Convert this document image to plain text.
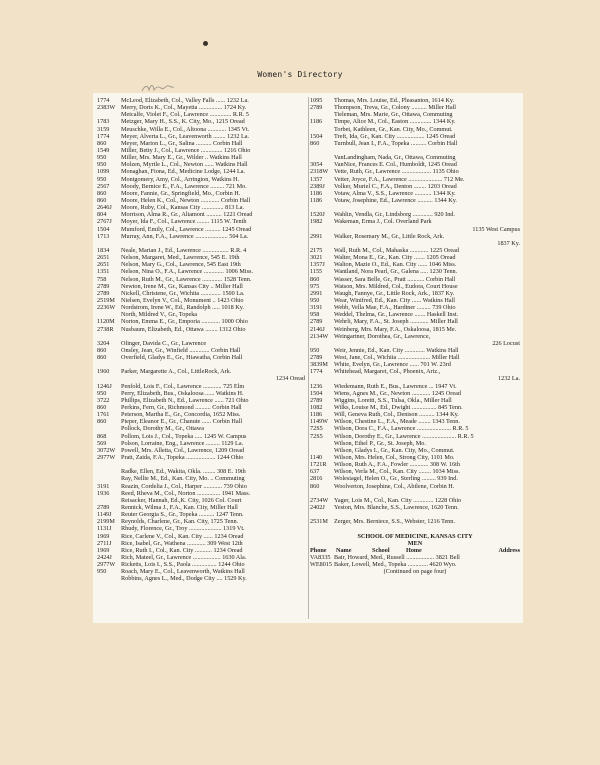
Women's Directory
1774	McLeod, Elizabeth, Col., Valley Falls ...... 1232 La.
2383W Merry, Doris K., Col., Mayetta ............... 1724 Ky.
Metcalfe, Violet F., Col., Lawrence .............. R.R. 5
1783	Metzger, Mary H., S.S., K. City, Mo., 1215 Oread
3159	Meuschke, Willa E., Col., Altoona ............ 1345 Vt.
1774	Meyer, Alverta L., Gr., Leavenworth ........ 1232 La.
860	Meyer, Marion L., Gr., Salina .......... Corbin Hall
1549	Miller, Betty J., Col., Lawrence .............. 1216 Ohio
950	Miller, Mrs. Mary E., Gr., Wilder .. Watkins Hall
950	Molzen, Myrtle L., Col., Newton ...... Watkins Hall
1099	Monaghan, Fiona, Ed., Medicine Lodge, 1244 La.
950	Montgomery, Amy, Col., Arrington, Watkins H.
2567	Moody, Bernice E., F.A., Lawrence ......... 721 Mo.
860	Moore, Fannie, Gr., Springfield, Mo., Corbin H.
860	Moore, Helen K., Col., Newton ............ Corbin Hall
2646J	Moore, Ruby, Col., Kansas City .............. 813 La.
804	Morrison, Alma R., Gr., Altamont .......... 1221 Oread
2767J	Moyer, Ida F., Col., Lawrence ........ 1115 W. Tenth
1504	Mumford, Emily, Col., Lawrence .......... 1245 Oread
1713	Murray, Ann, F.A., Lawrence ..................... 504 La.
1834	Neale, Marian J., Ed., Lawrence ................. R.R. 4
2651	Nelson, Margaret, Med., Lawrence, 545 E. 19th
2651	Nelson, Mary G., Col., Lawrence, 545 East 19th
1351	Nelson, Nina O., F.A., Lawrence ............. 1006 Miss.
758	Nelson, Ruth M., Gr., Lawrence ............. 1528 Tenn.
2789	Newton, Irene M., Gr., Kansas City .. Miller Hall
2789	Nickell, Christene, Gr., Wichita ............. 1500 La.
2519M Nielsen, Evelyn V., Col., Monument .. 1423 Ohio
2236W Nordstrom, Irene W., Ed., Randolph ..... 1018 Ky.
North, Mildred V., Gr., Topeka
1120M	Norton, Emma E., Gr., Emporia ............ 1000 Ohio
2738R	Nusbaum, Elizabeth, Ed., Ottawa ........ 1312 Ohio
3204	Olinger, Davida C., Gr., Lawrence
860	Onsley, Jean, Gr., Winfield ............. Corbin Hall
860	Overfield, Gladys E., Gr., Hiawatha, Corbin Hall
1960	Parker, Margarette A., Col., LittleRock, Ark.
1234 Oread
1246J	Penfold, Lois F., Col., Lawrence ............ 725 Elm
950	Perry, Elizabeth, Bus., Oskaloosa ...... Watkins H.
3722	Phillips, Elizabeth N., Ed., Lawrence ...... 721 Ohio
860	Perkins, Fern, Gr., Richmond .......... Corbin Hall
1761	Peterson, Martha E., Gr., Concordia, 1652 Miss.
860	Pieper, Eleanor E., Gr., Chanute ...... Corbin Hall
Pollock, Dorothy M., Gr., Ottawa
868	Pollom, Lois J., Col., Topeka ..... 1245 W. Campus
569	Polson, Lorraine, Eng., Lawrence ......... 1129 La.
3072W Powell, Mrs. Alletta, Col., Lawrence, 1209 Oread
2977W Pratt, Zaida, F.A., Topeka ................... 1244 Ohio
Radke, Ellen, Ed., Wakita, Okla. ........ 308 E. 19th
Ray, Nellie M., Ed., Kan. City, Mo. .. Commuting
3191	Reazin, Cordelia J., Col., Harper ............ 739 Ohio
1936	Reed, Rheva M., Col., Norton ............... 1941 Mass.
Reisacker, Hannah, Ed.,K. City, 1026 Col. Court
2789	Rennick, Wilma J., F.A., Kan. City, Miller Hall
1149J	Reuter Georgia S., Gr., Topeka .......... 1247 Tenn.
2199M Reynolds, Charlene, Gr., Kan. City, 1725 Tenn.
1131J	Rhudy, Florence, Gr., Troy ..................... 1319 Vt.
1969	Rice, Carlene V., Col., Kan. City ...... 1234 Oread
2711J	Rice, Isabel, Gr., Wathena ............ 309 West 12th
1969	Rice, Ruth I., Col., Kan. City ........... 1234 Oread
2424J	Rich, Mateel, Gr., Lawrence .................. 1630 Ala.
2977W Ricketts, Lois I., S.S., Paola ................ 1244 Ohio
950	Roach, Mary E., Col., Leavenworth, Watkins Hall
Robbins, Agnes L., Med., Dodge City .... 1529 Ky.
1095	Thomas, Mrs. Louise, Ed., Pleasanton, 1614 Ky.
2789	Thompson, Treva, Gr., Colony .......... Miller Hall
Tieleman, Mrs. Marie, Gr., Ottawa, Commuting
1186	Timpe, Alice M., Col., Easton .............. 1344 Ky.
Torbet, Kathleen, Gr., Kan. City, Mo., Commut.
1504	Treft, Ida, Gr., Kan. City .................. 1245 Oread
860	Turnbull, Jean I., F.A., Topeka .......... Corbin Hall
VanLandingham, Nada, Gr., Ottawa, Commuting
3054	VanNice, Frances E. Col., Humboldt, 1245 Oread
2318W Vette, Ruth, Gr., Lawrence ................... 1135 Ohio
1357	Vetter, Joyce, F.A., Lawrence ...................... 712 Me.
2389J	Volker, Muriel C., F.A., Denton ........ 1203 Oread
1186	Votaw, Alma V., S.S., Lawrence ........... 1344 Ky.
1186	Votaw, Josephine, Ed., Lawrence .......... 1344 Ky.
1520J	Wahlin, Vendla, Gr., Lindsborg ............. 920 Ind.
1982	Wakeman, Erma J., Col. Overland Park
1135 West Campus
2991	Walker, Rosemary M., Gr., Little Rock, Ark.
1837 Ky.
2175	Wall, Ruth M., Col., Mahaska ............ 1225 Oread
3021	Walter, Mona E., Gr., Kan. City ....... 1205 Oread
1357J	Walton, Mazie O., Ed., Kan. City ...... 1046 Miss.
1155	Wantland, Nora Pearl, Gr., Galena ..... 1230 Tenn.
860	Wasser, Sara Belle, Gr., Pratt ........... Corbin Hall
975	Watson, Mrs. Mildred, Col., Eudora, Court House
2991	Waugh, Fannye, Gr., Little Rock, Ark., 1837 Ky.
950	Wear, Winifred, Ed., Kan. City ...... Watkins Hall
3191	Webb, Vella Mae, F.A., Hardtner ......... 739 Ohio
958	Weddel, Thelma, Gr., Lawrence ....... Haskell Inst.
2789	Wehrli, Mary, F.A., St. Joseph ............ Miller Hall
2146J	Weinberg, Mrs. Mary, F.A., Oskaloosa, 1815 Me.
2134W Weingartner, Dorothea, Gr., Lawrence,
226 Locust
950	Weir, Jennie, Ed., Kan. City ............. Watkins Hall
2789	West, Jane, Col., Wichita ..................... Miller Hall
3839M White, Evelyn, Gr., Lawrence ...... 701 W. 23rd
1774	Whitehead, Margaret, Col., Phoenix, Ariz.,
1232 La.
1236	Wiedemann, Ruth E., Bus., Lawrence ... 1947 Vt.
1504	Wiens, Agnes M., Gr., Newton ............ 1245 Oread
2789	Wiggins, Loretti, S.S., Tulsa, Okla., Miller Hall
1082	Wilks, Louise M., Ed., Dwight ................ 845 Tenn.
1186	Will, Geneva Ruth, Col., Denison .......... 1344 Ky.
1149W Wilson, Chestine L., F.A., Meade ........ 1343 Tenn.
72S5	Wilson, Dora C., F.A., Lawrence ...................... R.R. 5
72S5	Wilson, Dorothy E., Gr., Lawrence ...................... R.R. 5
Wilson, Ethel P., Gr., St. Joseph, Mo.
Wilson, Gladys I., Gr., Kan. City, Mo., Commut.
1140	Wilson, Mrs. Helen, Col., Strong City, 1101 Mo.
1721R	Wilson, Ruth A., F.A., Fowler ............ 308 W. 16th
637	Wilson, Verla M., Col., Kan. City ........ 1034 Miss.
2816	Wolesiagel, Helen O., Gr., Sterling ......... 939 Ind.
860	Woolverton, Josephine, Col., Abilene, Corbin H.
2734W Yager, Lois M., Col., Kan. City ............. 1228 Ohio
2402J	Yeston, Mrs. Blanche, S.S., Lawrence, 1620 Tenn.
2531M Zerger, Mrs. Berniece, S.S., Webster, 1216 Tenn.
SCHOOL OF MEDICINE, KANSAS CITY
MEN
Phone	Name	School	Home	Address
VA8335 Bair, Howard, Med., Russell .................. 3821 Bell
WE8015 Baker, Lowell, Med., Topeka ............. 4620 Wyo.
(Continued on page four)
